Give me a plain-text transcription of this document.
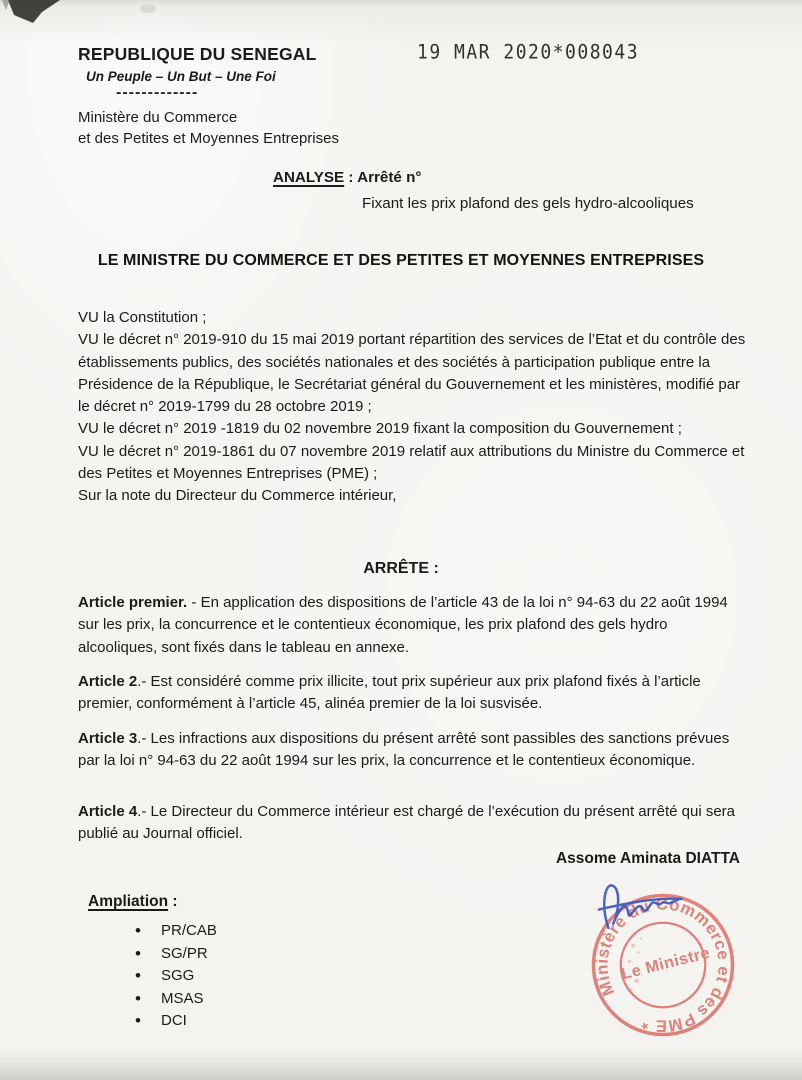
REPUBLIQUE DU SENEGAL
Un Peuple – Un But – Une Foi
-------------
Ministère du Commerce
et des Petites et Moyennes Entreprises
19 MAR 2020*008043
ANALYSE : Arrêté n°
Fixant les prix plafond des gels hydro-alcooliques
LE MINISTRE DU COMMERCE ET DES PETITES ET MOYENNES ENTREPRISES

VU la Constitution ;

VU le décret n° 2019-910 du 15 mai 2019 portant répartition des services de l’Etat et du contrôle des établissements publics, des sociétés nationales et des sociétés à participation publique entre la Présidence de la République, le Secrétariat général du Gouvernement et les ministères, modifié par le décret n° 2019-1799 du 28 octobre 2019 ;

VU le décret n° 2019 -1819 du 02 novembre 2019 fixant la composition du Gouvernement ;

VU le décret n° 2019-1861 du 07 novembre 2019 relatif aux attributions du Ministre du Commerce et des Petites et Moyennes Entreprises (PME) ;

Sur la note du Directeur du Commerce intérieur,

ARRÊTE :

Article premier. - En application des dispositions de l’article 43 de la loi n° 94-63 du 22 août 1994 sur les prix, la concurrence et le contentieux économique, les prix plafond des gels hydro alcooliques, sont fixés dans le tableau en annexe.

Article 2.- Est considéré comme prix illicite, tout prix supérieur aux prix plafond fixés à l’article premier, conformément à l’article 45, alinéa premier de la loi susvisée.

Article 3.- Les infractions aux dispositions du présent arrêté sont passibles des sanctions prévues par la loi n° 94-63 du 22 août 1994 sur les prix, la concurrence et le contentieux économique.

Article 4.- Le Directeur du Commerce intérieur est chargé de l’exécution du présent arrêté qui sera publié au Journal officiel.

Assome Aminata DIATTA
Ampliation :
• PR/CAB
• SG/PR
• SGG
• MSAS
• DCI
Ministère du Commerce et des PME *
Le Ministre
